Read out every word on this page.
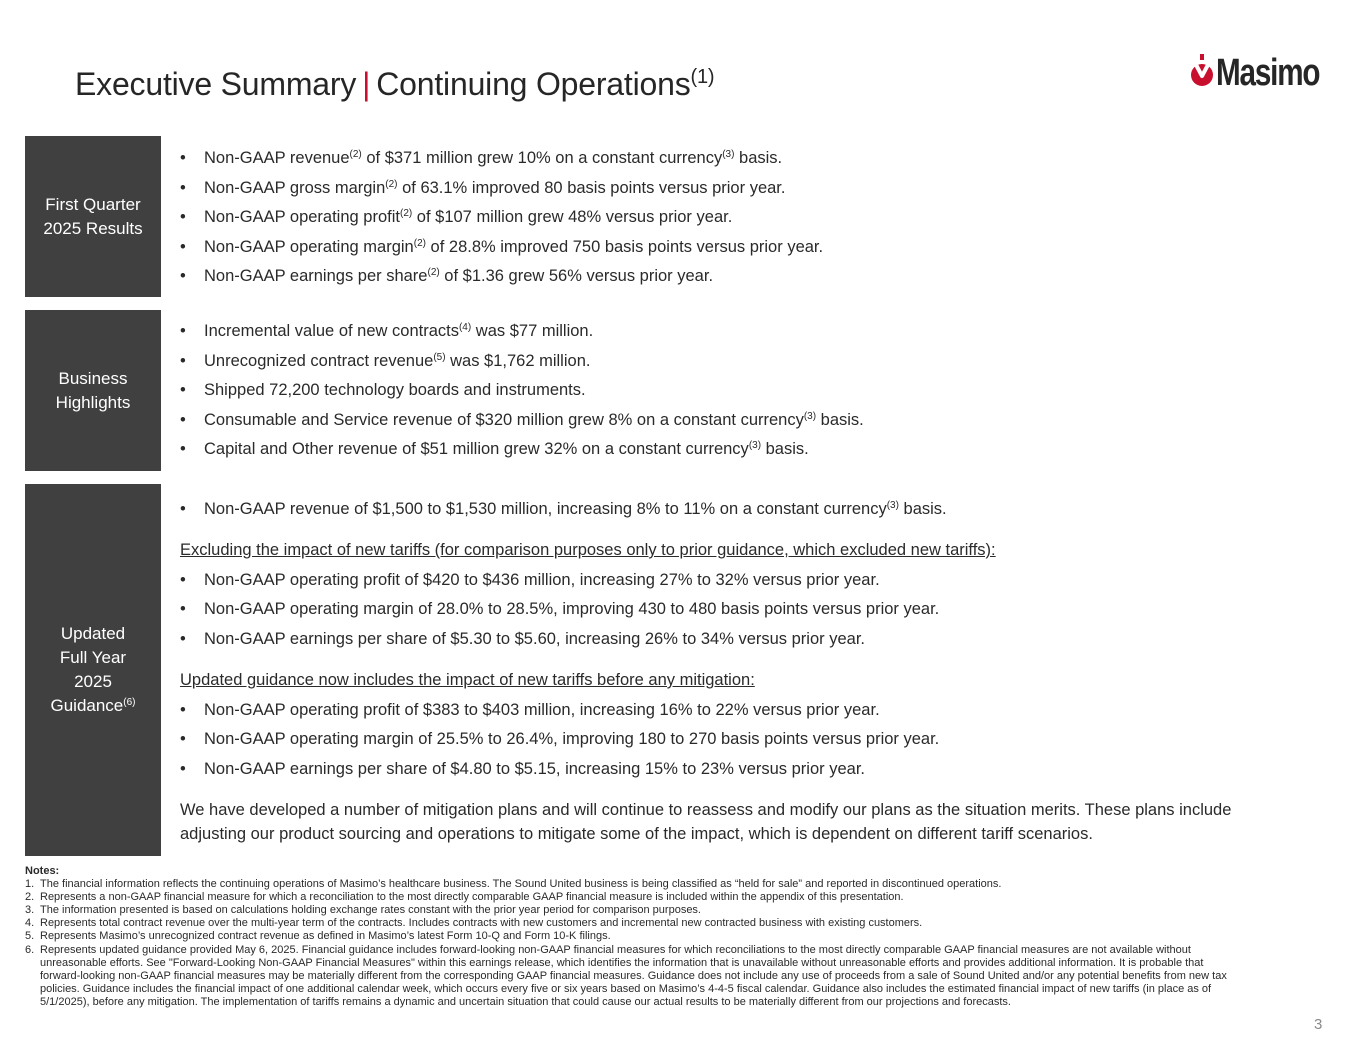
Executive Summary | Continuing Operations$^{(1)}$	Masimo
First Quarter
2025 Results
•	Non-GAAP revenue$^{(2)}$ of $371 million grew 10% on a constant currency$^{(3)}$ basis.
•	Non-GAAP gross margin$^{(2)}$ of 63.1% improved 80 basis points versus prior year.
•	Non-GAAP operating profit$^{(2)}$ of $107 million grew 48% versus prior year.
•	Non-GAAP operating margin$^{(2)}$ of 28.8% improved 750 basis points versus prior year.
•	Non-GAAP earnings per share$^{(2)}$ of $1.36 grew 56% versus prior year.
Business
Highlights
•	Incremental value of new contracts$^{(4)}$ was $77 million.
•	Unrecognized contract revenue$^{(5)}$ was $1,762 million.
•	Shipped 72,200 technology boards and instruments.
•	Consumable and Service revenue of $320 million grew 8% on a constant currency$^{(3)}$ basis.
•	Capital and Other revenue of $51 million grew 32% on a constant currency$^{(3)}$ basis.
Updated
Full Year
2025
Guidance$^{(6)}$
•	Non-GAAP revenue of $1,500 to $1,530 million, increasing 8% to 11% on a constant currency$^{(3)}$ basis.
Excluding the impact of new tariffs (for comparison purposes only to prior guidance, which excluded new tariffs):
•	Non-GAAP operating profit of $420 to $436 million, increasing 27% to 32% versus prior year.
•	Non-GAAP operating margin of 28.0% to 28.5%, improving 430 to 480 basis points versus prior year.
•	Non-GAAP earnings per share of $5.30 to $5.60, increasing 26% to 34% versus prior year.
Updated guidance now includes the impact of new tariffs before any mitigation:
•	Non-GAAP operating profit of $383 to $403 million, increasing 16% to 22% versus prior year.
•	Non-GAAP operating margin of 25.5% to 26.4%, improving 180 to 270 basis points versus prior year.
•	Non-GAAP earnings per share of $4.80 to $5.15, increasing 15% to 23% versus prior year.
We have developed a number of mitigation plans and will continue to reassess and modify our plans as the situation merits. These plans include adjusting our product sourcing and operations to mitigate some of the impact, which is dependent on different tariff scenarios.
Notes:
1. The financial information reflects the continuing operations of Masimo’s healthcare business. The Sound United business is being classified as “held for sale” and reported in discontinued operations.
2. Represents a non-GAAP financial measure for which a reconciliation to the most directly comparable GAAP financial measure is included within the appendix of this presentation.
3. The information presented is based on calculations holding exchange rates constant with the prior year period for comparison purposes.
4. Represents total contract revenue over the multi-year term of the contracts. Includes contracts with new customers and incremental new contracted business with existing customers.
5. Represents Masimo’s unrecognized contract revenue as defined in Masimo’s latest Form 10-Q and Form 10-K filings.
6. Represents updated guidance provided May 6, 2025. Financial guidance includes forward-looking non-GAAP financial measures for which reconciliations to the most directly comparable GAAP financial measures are not available without unreasonable efforts. See "Forward-Looking Non-GAAP Financial Measures" within this earnings release, which identifies the information that is unavailable without unreasonable efforts and provides additional information. It is probable that forward-looking non-GAAP financial measures may be materially different from the corresponding GAAP financial measures. Guidance does not include any use of proceeds from a sale of Sound United and/or any potential benefits from new tax policies. Guidance includes the financial impact of one additional calendar week, which occurs every five or six years based on Masimo’s 4-4-5 fiscal calendar. Guidance also includes the estimated financial impact of new tariffs (in place as of 5/1/2025), before any mitigation. The implementation of tariffs remains a dynamic and uncertain situation that could cause our actual results to be materially different from our projections and forecasts.
3
